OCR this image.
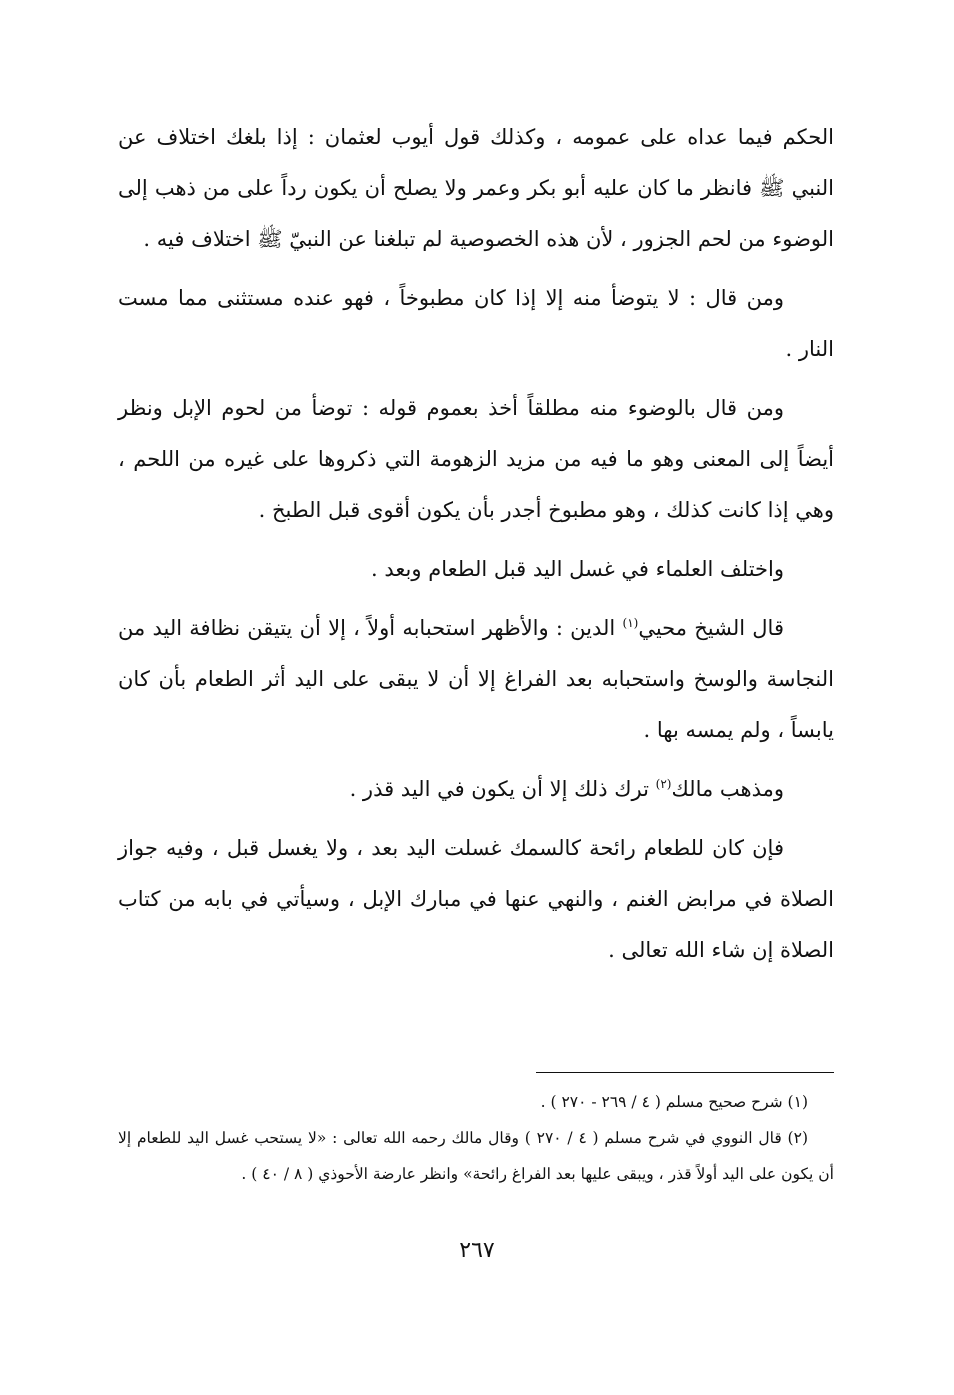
الحكم فيما عداه على عمومه ، وكذلك قول أيوب لعثمان : إذا بلغك اختلاف عن النبي ﷺ فانظر ما كان عليه أبو بكر وعمر ولا يصلح أن يكون رداً على من ذهب إلى الوضوء من لحم الجزور ، لأن هذه الخصوصية لم تبلغنا عن النبيّ ﷺ اختلاف فيه .

ومن قال : لا يتوضأ منه إلا إذا كان مطبوخاً ، فهو عنده مستثنى مما مست النار .

ومن قال بالوضوء منه مطلقاً أخذ بعموم قوله : توضأ من لحوم الإبل ونظر أيضاً إلى المعنى وهو ما فيه من مزيد الزهومة التي ذكروها على غيره من اللحم ، وهي إذا كانت كذلك ، وهو مطبوخ أجدر بأن يكون أقوى قبل الطبخ .

واختلف العلماء في غسل اليد قبل الطعام وبعد .

قال الشيخ محيي$^{(١)}$ الدين : والأظهر استحبابه أولاً ، إلا أن يتيقن نظافة اليد من النجاسة والوسخ واستحبابه بعد الفراغ إلا أن لا يبقى على اليد أثر الطعام بأن كان يابساً ، ولم يمسه بها .

ومذهب مالك$^{(٢)}$ ترك ذلك إلا أن يكون في اليد قذر .

فإن كان للطعام رائحة كالسمك غسلت اليد بعد ، ولا يغسل قبل ، وفيه جواز الصلاة في مرابض الغنم ، والنهي عنها في مبارك الإبل ، وسيأتي في بابه من كتاب الصلاة إن شاء الله تعالى .

(١) شرح صحيح مسلم ( ٤ / ٢٦٩ - ٢٧٠ ) .

(٢) قال النووي في شرح مسلم ( ٤ / ٢٧٠ ) وقال مالك رحمه الله تعالى : «لا يستحب غسل اليد للطعام إلا أن يكون على اليد أولاً قذر ، ويبقى عليها بعد الفراغ رائحة» وانظر عارضة الأحوذي ( ٨ / ٤٠ ) .

٢٦٧
